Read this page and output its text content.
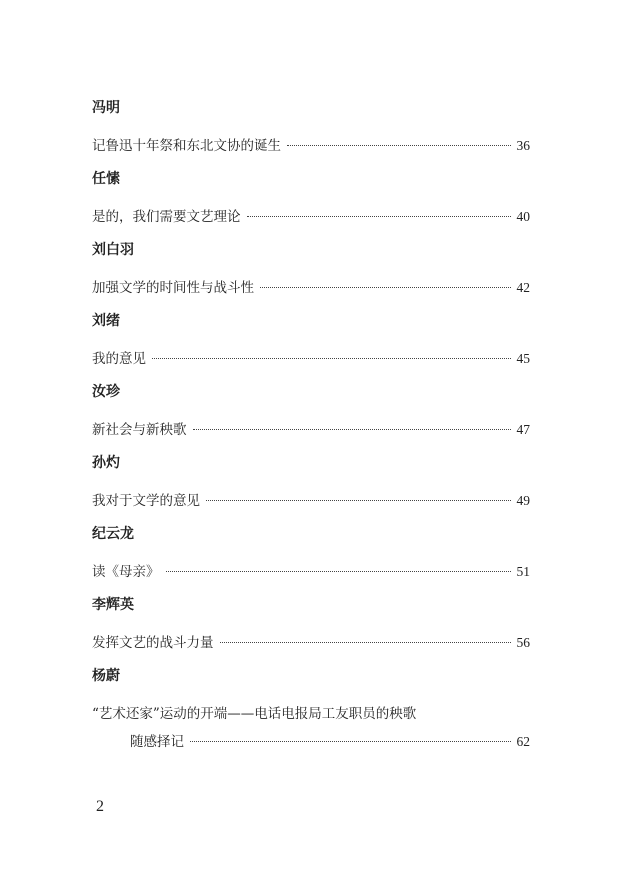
冯明
记鲁迅十年祭和东北文协的诞生	36
任愫
是的，我们需要文艺理论	40
刘白羽
加强文学的时间性与战斗性	42
刘绪
我的意见	45
汝珍
新社会与新秧歌	47
孙灼
我对于文学的意见	49
纪云龙
读《母亲》	51
李辉英
发挥文艺的战斗力量	56
杨蔚
“艺术还家”运动的开端——电话电报局工友职员的秧歌
随感择记	62
2
